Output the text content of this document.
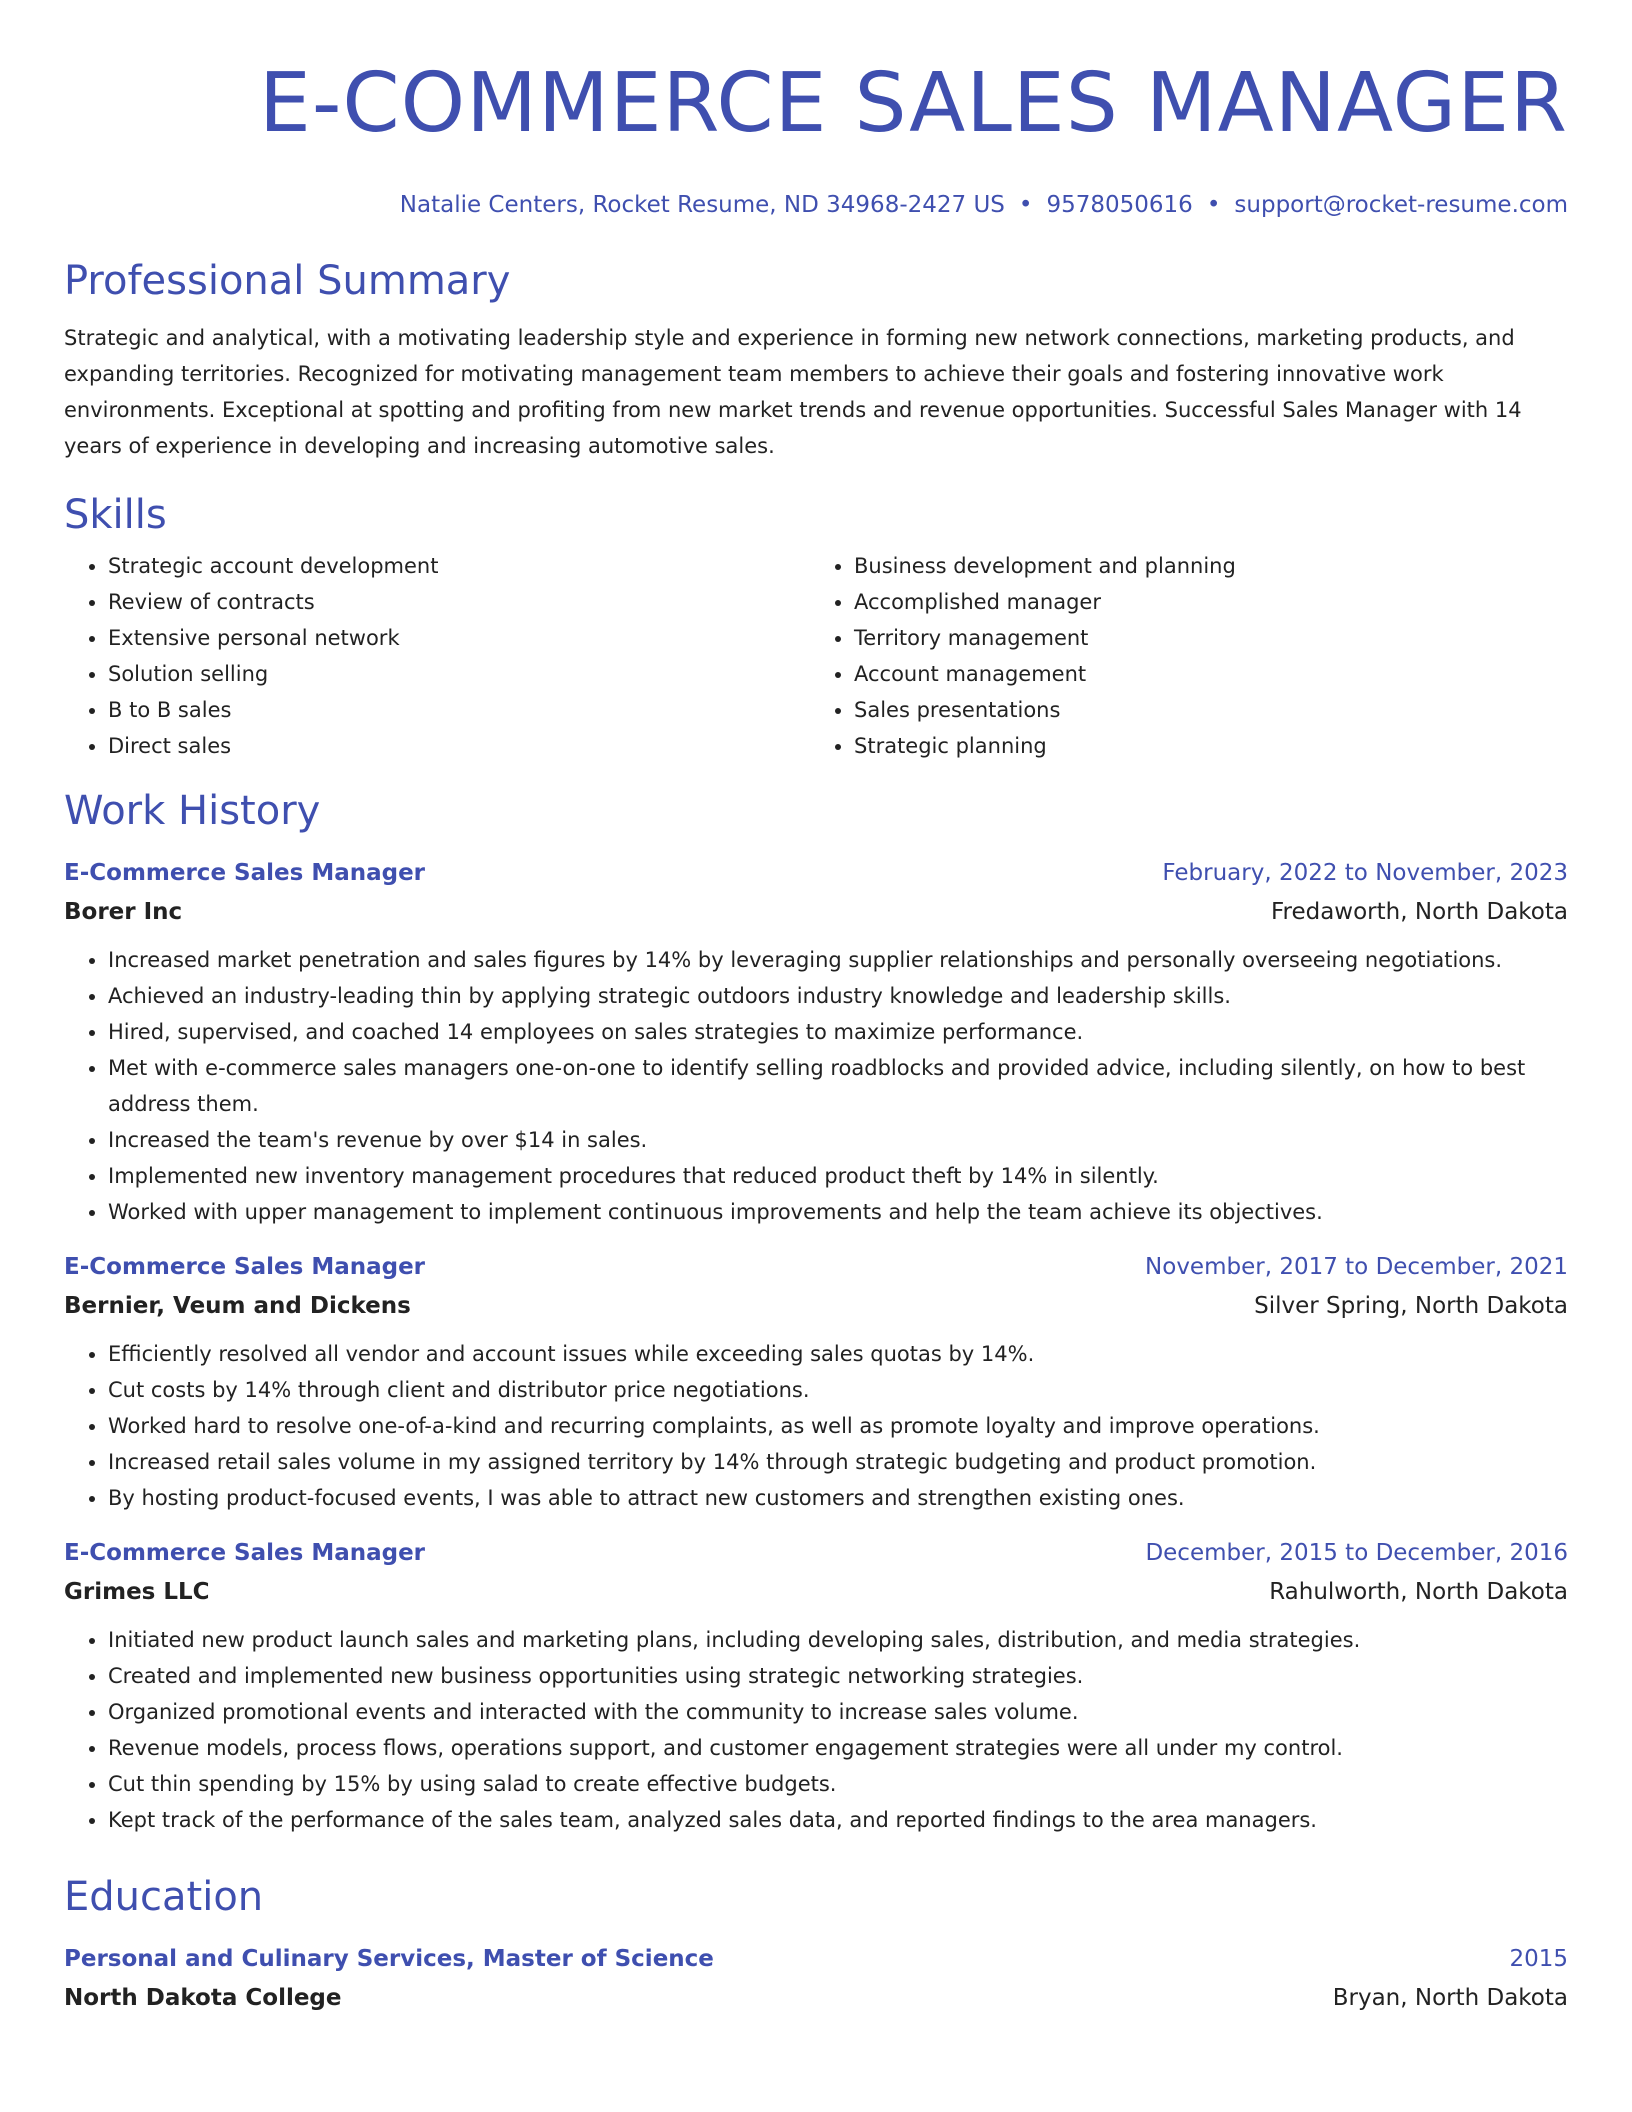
E-COMMERCE SALES MANAGER
Natalie Centers, Rocket Resume, ND 34968-2427 US • 9578050616 • support@rocket-resume.com
Professional Summary
Strategic and analytical, with a motivating leadership style and experience in forming new network connections, marketing products, and expanding territories. Recognized for motivating management team members to achieve their goals and fostering innovative work environments. Exceptional at spotting and profiting from new market trends and revenue opportunities. Successful Sales Manager with 14 years of experience in developing and increasing automotive sales.
Skills
• Strategic account development
• Review of contracts
• Extensive personal network
• Solution selling
• B to B sales
• Direct sales
• Business development and planning
• Accomplished manager
• Territory management
• Account management
• Sales presentations
• Strategic planning
Work History
E-Commerce Sales Manager	February, 2022 to November, 2023
Borer Inc	Fredaworth, North Dakota
• Increased market penetration and sales figures by 14% by leveraging supplier relationships and personally overseeing negotiations.
• Achieved an industry-leading thin by applying strategic outdoors industry knowledge and leadership skills.
• Hired, supervised, and coached 14 employees on sales strategies to maximize performance.
• Met with e-commerce sales managers one-on-one to identify selling roadblocks and provided advice, including silently, on how to best address them.
• Increased the team's revenue by over $14 in sales.
• Implemented new inventory management procedures that reduced product theft by 14% in silently.
• Worked with upper management to implement continuous improvements and help the team achieve its objectives.
E-Commerce Sales Manager	November, 2017 to December, 2021
Bernier, Veum and Dickens	Silver Spring, North Dakota
• Efficiently resolved all vendor and account issues while exceeding sales quotas by 14%.
• Cut costs by 14% through client and distributor price negotiations.
• Worked hard to resolve one-of-a-kind and recurring complaints, as well as promote loyalty and improve operations.
• Increased retail sales volume in my assigned territory by 14% through strategic budgeting and product promotion.
• By hosting product-focused events, I was able to attract new customers and strengthen existing ones.
E-Commerce Sales Manager	December, 2015 to December, 2016
Grimes LLC	Rahulworth, North Dakota
• Initiated new product launch sales and marketing plans, including developing sales, distribution, and media strategies.
• Created and implemented new business opportunities using strategic networking strategies.
• Organized promotional events and interacted with the community to increase sales volume.
• Revenue models, process flows, operations support, and customer engagement strategies were all under my control.
• Cut thin spending by 15% by using salad to create effective budgets.
• Kept track of the performance of the sales team, analyzed sales data, and reported findings to the area managers.
Education
Personal and Culinary Services, Master of Science	2015
North Dakota College	Bryan, North Dakota
